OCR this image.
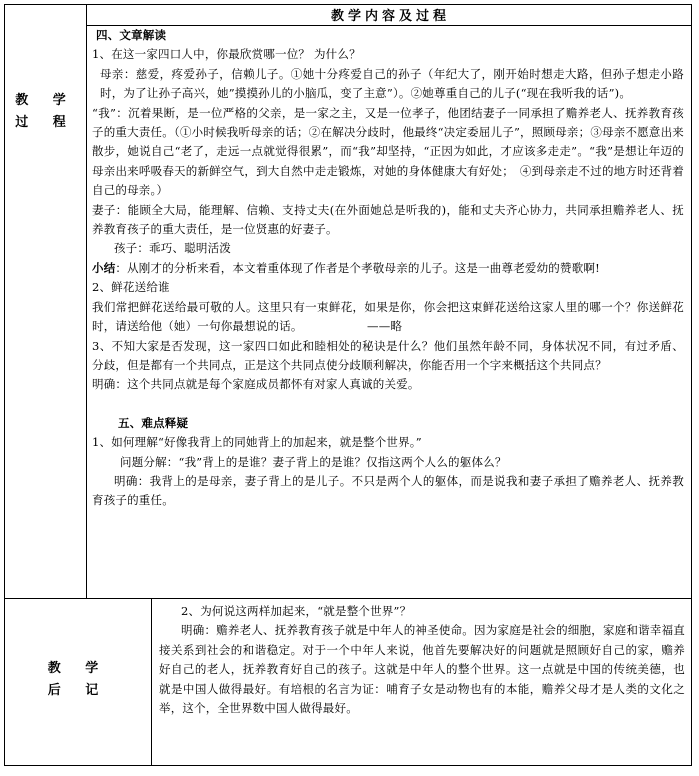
教学内容及过程
教 学
过 程
教 学
后 记

四、文章解读

1、在这一家四口人中，你最欣赏哪一位？ 为什么？

母亲：慈爱，疼爱孙子，信赖儿子。①她十分疼爱自己的孙子（年纪大了，刚开始时想走大路，但孙子想走小路时，为了让孙子高兴，她”摸摸孙儿的小脑瓜，变了主意”）。②她尊重自己的儿子(“现在我听我的话”)。

“我”：沉着果断，是一位严格的父亲，是一家之主，又是一位孝子，他团结妻子一同承担了赡养老人、抚养教育孩子的重大责任。（①小时候我听母亲的话；②在解决分歧时，他最终“决定委屈儿子”，照顾母亲；③母亲不愿意出来散步，她说自己“老了，走远一点就觉得很累”，而“我”却坚持，“正因为如此，才应该多走走”。“我”是想让年迈的母亲出来呼吸春天的新鲜空气，到大自然中走走锻炼，对她的身体健康大有好处；　④到母亲走不过的地方时还背着自己的母亲。）

妻子：能顾全大局，能理解、信赖、支持丈夫(在外面她总是听我的)，能和丈夫齐心协力，共同承担赡养老人、抚养教育孩子的重大责任，是一位贤惠的好妻子。

孩子：乖巧、聪明活泼

小结：从刚才的分析来看，本文着重体现了作者是个孝敬母亲的儿子。这是一曲尊老爱幼的赞歌啊!

2、鲜花送给谁

我们常把鲜花送给最可敬的人。这里只有一束鲜花，如果是你，你会把这束鲜花送给这家人里的哪一个？你送鲜花时，请送给他（她）一句你最想说的话。　　　　　　——略

3、不知大家是否发现，这一家四口如此和睦相处的秘诀是什么？他们虽然年龄不同，身体状况不同，有过矛盾、分歧，但是都有一个共同点，正是这个共同点使分歧顺利解决，你能否用一个字来概括这个共同点？

明确：这个共同点就是每个家庭成员都怀有对家人真诚的关爱。

五、难点释疑

1、如何理解“好像我背上的同她背上的加起来，就是整个世界。”

问题分解：“我”背上的是谁？妻子背上的是谁？仅指这两个人么的躯体么？

明确：我背上的是母亲，妻子背上的是儿子。不只是两个人的躯体，而是说我和妻子承担了赡养老人、抚养教育孩子的重任。

2、为何说这两样加起来，“就是整个世界”？

明确：赡养老人、抚养教育孩子就是中年人的神圣使命。因为家庭是社会的细胞，家庭和谐幸福直接关系到社会的和谐稳定。对于一个中年人来说，他首先要解决好的问题就是照顾好自己的家，赡养好自己的老人，抚养教育好自己的孩子。这就是中年人的整个世界。这一点就是中国的传统美德，也就是中国人做得最好。有培根的名言为证：哺育子女是动物也有的本能，赡养父母才是人类的文化之举，这个，全世界数中国人做得最好。
